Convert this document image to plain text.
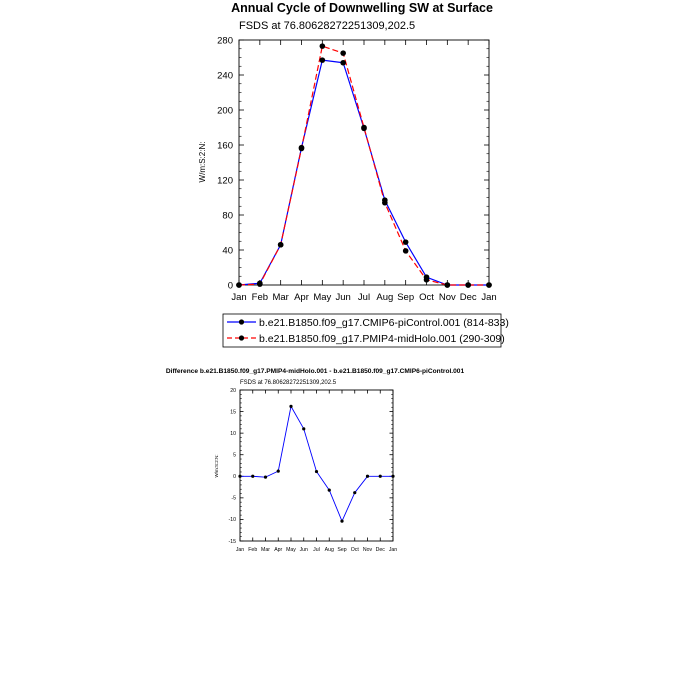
Annual Cycle of Downwelling SW at Surface
FSDS at 76.80628272251309,202.5
W/m:S:2:N:
0
40
80
120
160
200
240
280
Jan Feb Mar Apr May Jun Jul Aug Sep Oct Nov Dec Jan
b.e21.B1850.f09_g17.CMIP6-piControl.001 (814-833)
b.e21.B1850.f09_g17.PMIP4-midHolo.001 (290-309)
Difference b.e21.B1850.f09_g17.PMIP4-midHolo.001 - b.e21.B1850.f09_g17.CMIP6-piControl.001
FSDS at 76.80628272251309,202.5
W/m:S:2:N:
-15
-10
-5
0
5
10
15
20
Jan Feb Mar Apr May Jun Jul Aug Sep Oct Nov Dec Jan
